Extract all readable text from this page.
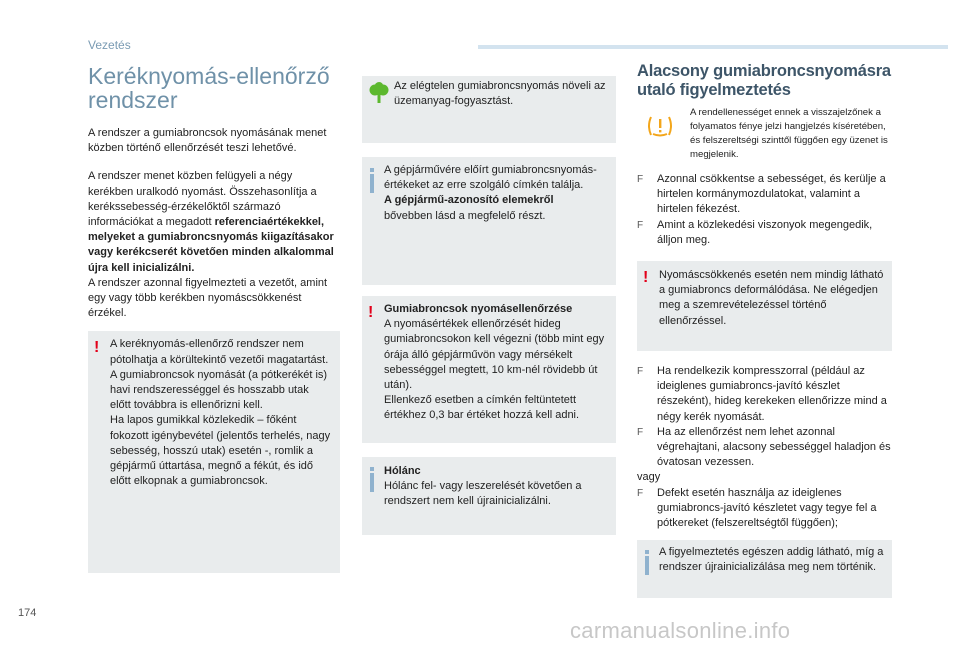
Vezetés
Keréknyomás-ellenőrző
rendszer

A rendszer a gumiabroncsok nyomásának menet közben történő ellenőrzését teszi lehetővé.

A rendszer menet közben felügyeli a négy kerékben uralkodó nyomást. Összehasonlítja a kerékssebesség-érzékelőktől származó információkat a megadott referenciaértékekkel, melyeket a gumiabroncsnyomás kiigazításakor vagy kerékcserét követően minden alkalommal újra kell inicializálni.
A rendszer azonnal figyelmezteti a vezetőt, amint egy vagy több kerékben nyomáscsökkenést érzékel.

! A keréknyomás-ellenőrző rendszer nem pótolhatja a körültekintő vezetői magatartást.
A gumiabroncsok nyomását (a pótkerékét is) havi rendszerességgel és hosszabb utak előtt továbbra is ellenőrizni kell.
Ha lapos gumikkal közlekedik – főként fokozott igénybevétel (jelentős terhelés, nagy sebesség, hosszú utak) esetén -, romlik a gépjármű úttartása, megnő a fékút, és idő előtt elkopnak a gumiabroncsok.

Az elégtelen gumiabroncsnyomás növeli az üzemanyag-fogyasztást.

A gépjárművére előírt gumiabroncsnyomás-értékeket az erre szolgáló címkén találja.
A gépjármű-azonosító elemekről
bővebben lásd a megfelelő részt.

! Gumiabroncsok nyomásellenőrzése
A nyomásértékek ellenőrzését hideg gumiabroncsokon kell végezni (több mint egy órája álló gépjárművön vagy mérsékelt sebességgel megtett, 10 km-nél rövidebb út után).
Ellenkező esetben a címkén feltüntetett értékhez 0,3 bar értéket hozzá kell adni.

Hólánc
Hólánc fel- vagy leszerelését követően a rendszert nem kell újrainicializálni.

Alacsony gumiabroncsnyomásra
utaló figyelmeztetés

A rendellenességet ennek a visszajelzőnek a folyamatos fénye jelzi hangjelzés kíséretében, és felszereltségi szinttől függően egy üzenet is megjelenik.

F Azonnal csökkentse a sebességet, és kerülje a hirtelen kormánymozdulatokat, valamint a hirtelen fékezést.
F Amint a közlekedési viszonyok megengedik, álljon meg.
! Nyomáscsökkenés esetén nem mindig látható a gumiabroncs deformálódása. Ne elégedjen meg a szemrevételezéssel történő ellenőrzéssel.

F Ha rendelkezik kompresszorral (például az ideiglenes gumiabroncs-javító készlet részeként), hideg kerekeken ellenőrizze mind a négy kerék nyomását.
F Ha az ellenőrzést nem lehet azonnal végrehajtani, alacsony sebességgel haladjon és óvatosan vezessen.

vagy

F Defekt esetén használja az ideiglenes gumiabroncs-javító készletet vagy tegye fel a pótkereket (felszereltségtől függően);

A figyelmeztetés egészen addig látható, míg a rendszer újrainicializálása meg nem történik.

174
carmanualsonline.info
